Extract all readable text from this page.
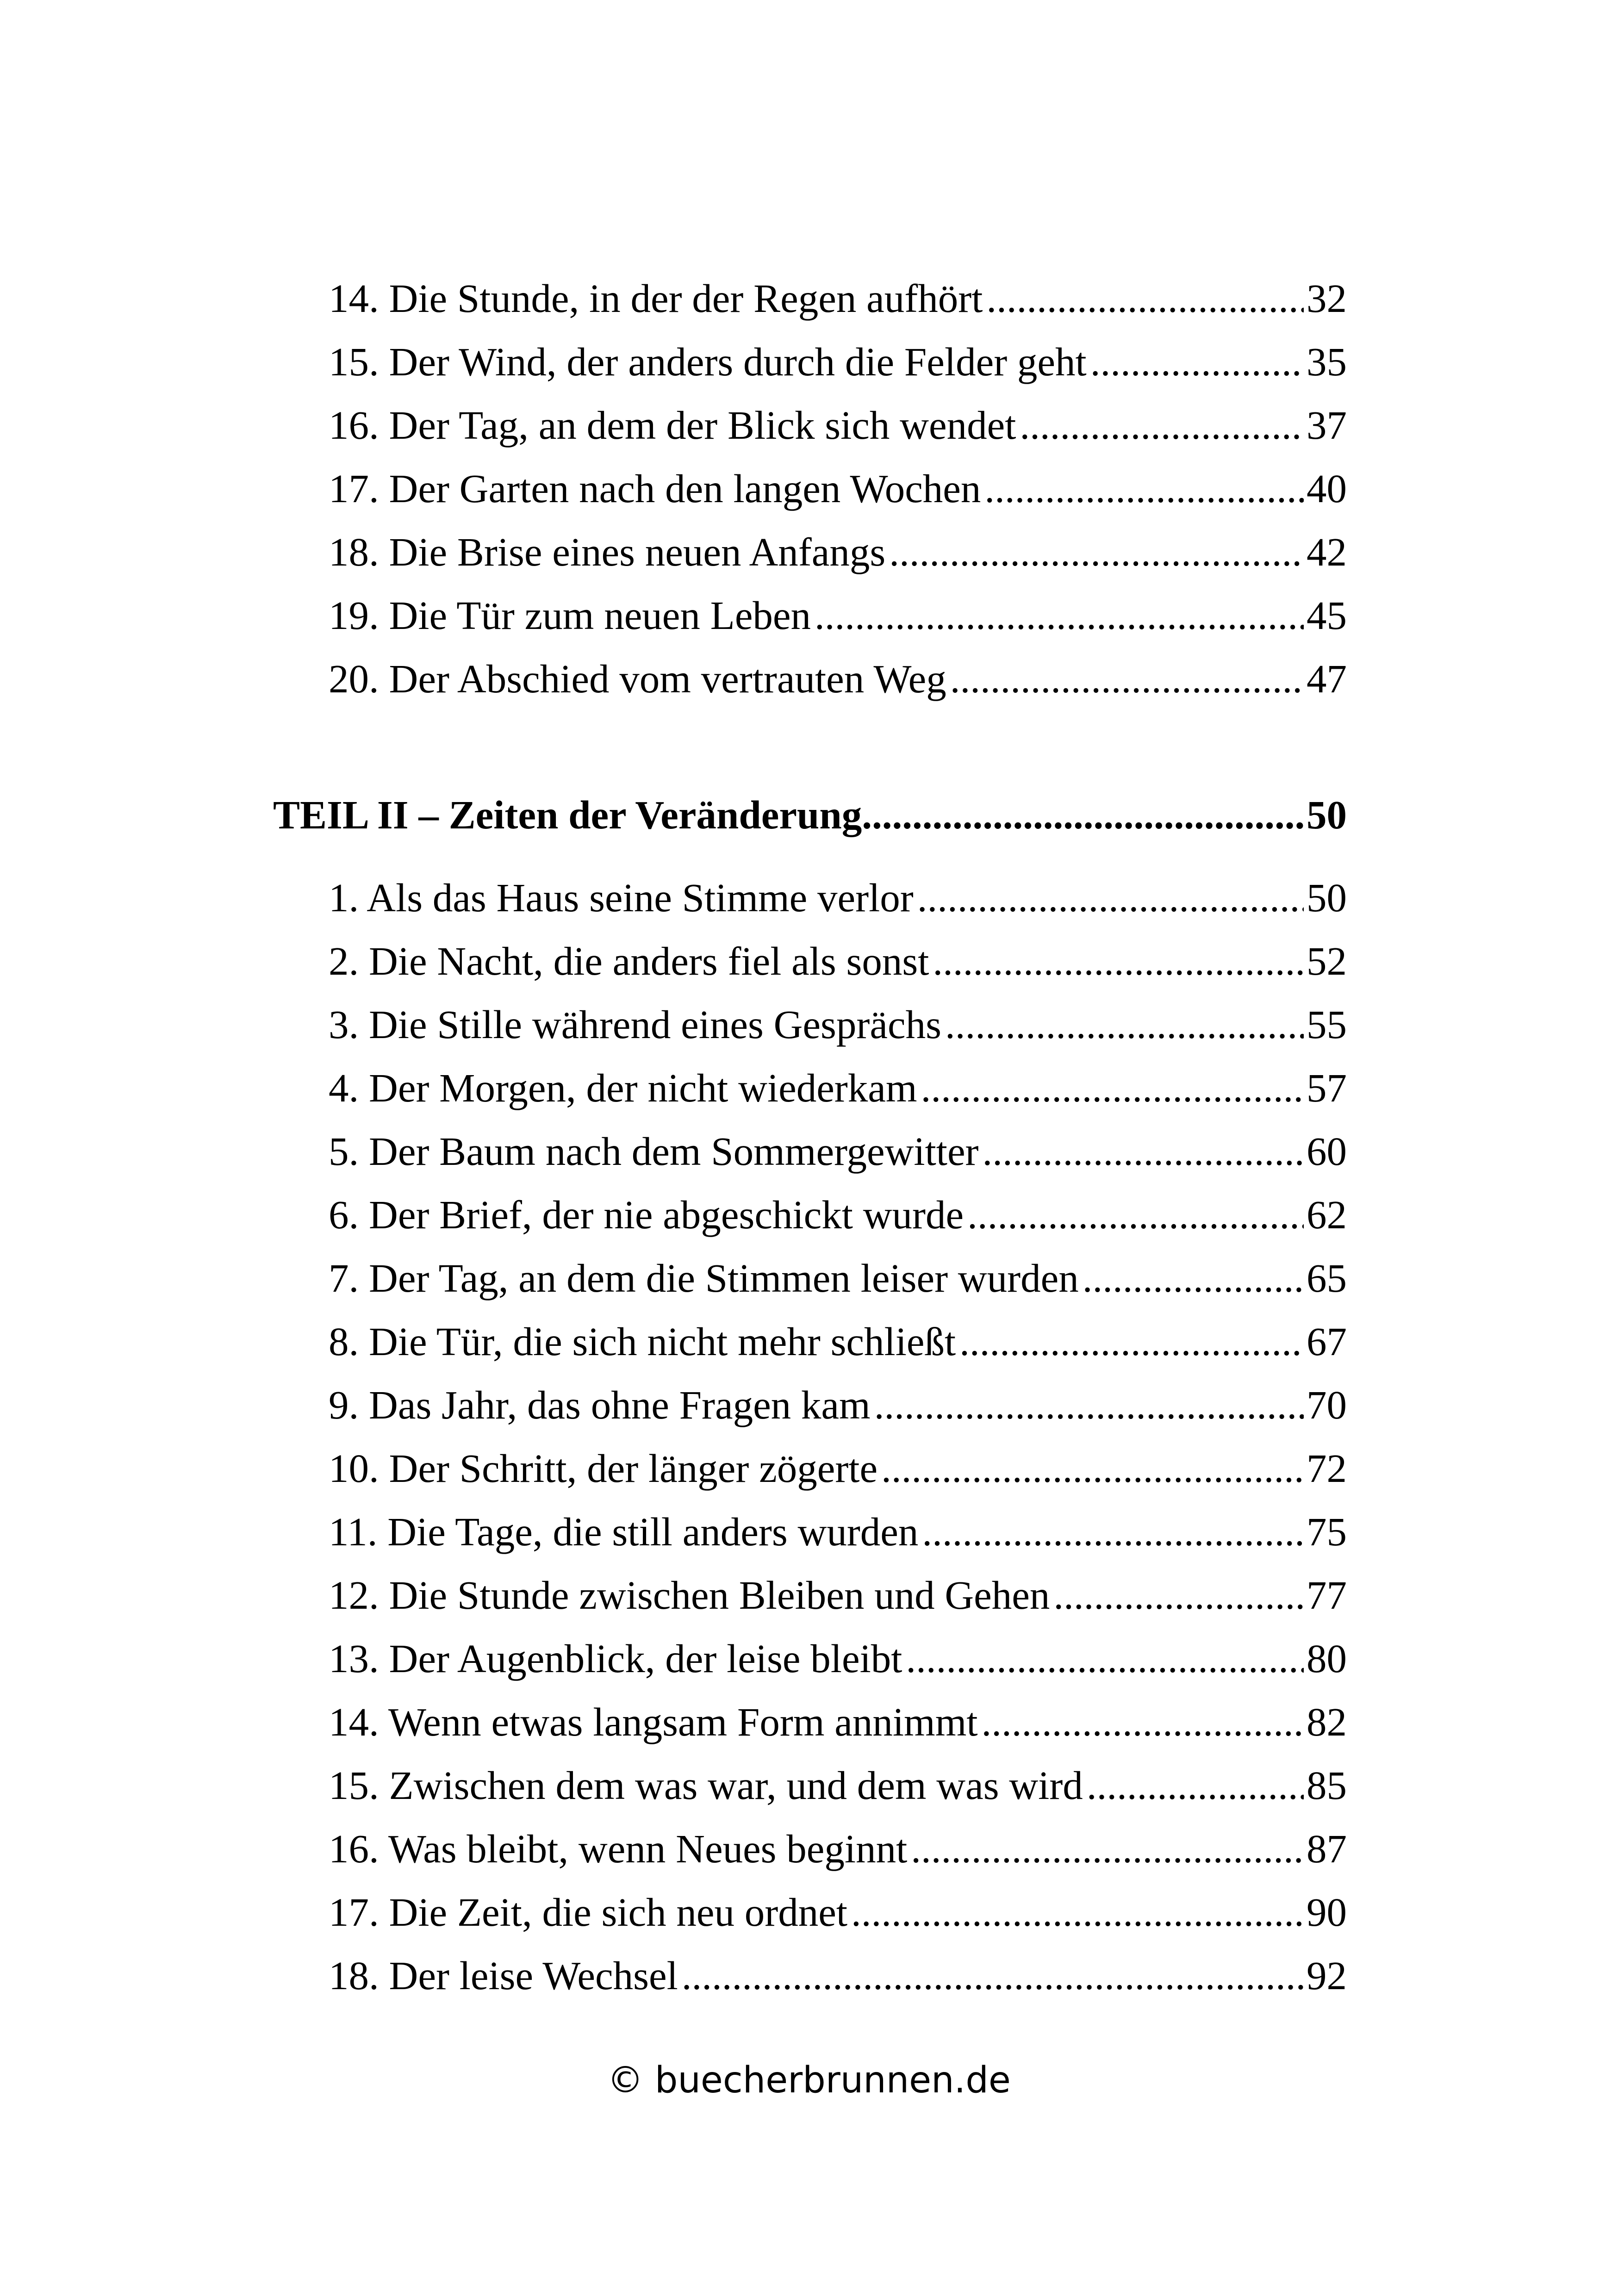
14. Die Stunde, in der der Regen aufhört .....	32
15. Der Wind, der anders durch die Felder geht .....	35
16. Der Tag, an dem der Blick sich wendet .....	37
17. Der Garten nach den langen Wochen .....	40
18. Die Brise eines neuen Anfangs .....	42
19. Die Tür zum neuen Leben .....	45
20. Der Abschied vom vertrauten Weg .....	47
TEIL II – Zeiten der Veränderung .....	50
1. Als das Haus seine Stimme verlor .....	50
2. Die Nacht, die anders fiel als sonst .....	52
3. Die Stille während eines Gesprächs .....	55
4. Der Morgen, der nicht wiederkam .....	57
5. Der Baum nach dem Sommergewitter .....	60
6. Der Brief, der nie abgeschickt wurde .....	62
7. Der Tag, an dem die Stimmen leiser wurden .....	65
8. Die Tür, die sich nicht mehr schließt .....	67
9. Das Jahr, das ohne Fragen kam .....	70
10. Der Schritt, der länger zögerte .....	72
11. Die Tage, die still anders wurden .....	75
12. Die Stunde zwischen Bleiben und Gehen .....	77
13. Der Augenblick, der leise bleibt .....	80
14. Wenn etwas langsam Form annimmt .....	82
15. Zwischen dem was war, und dem was wird .....	85
16. Was bleibt, wenn Neues beginnt .....	87
17. Die Zeit, die sich neu ordnet .....	90
18. Der leise Wechsel .....	92
© buecherbrunnen.de
